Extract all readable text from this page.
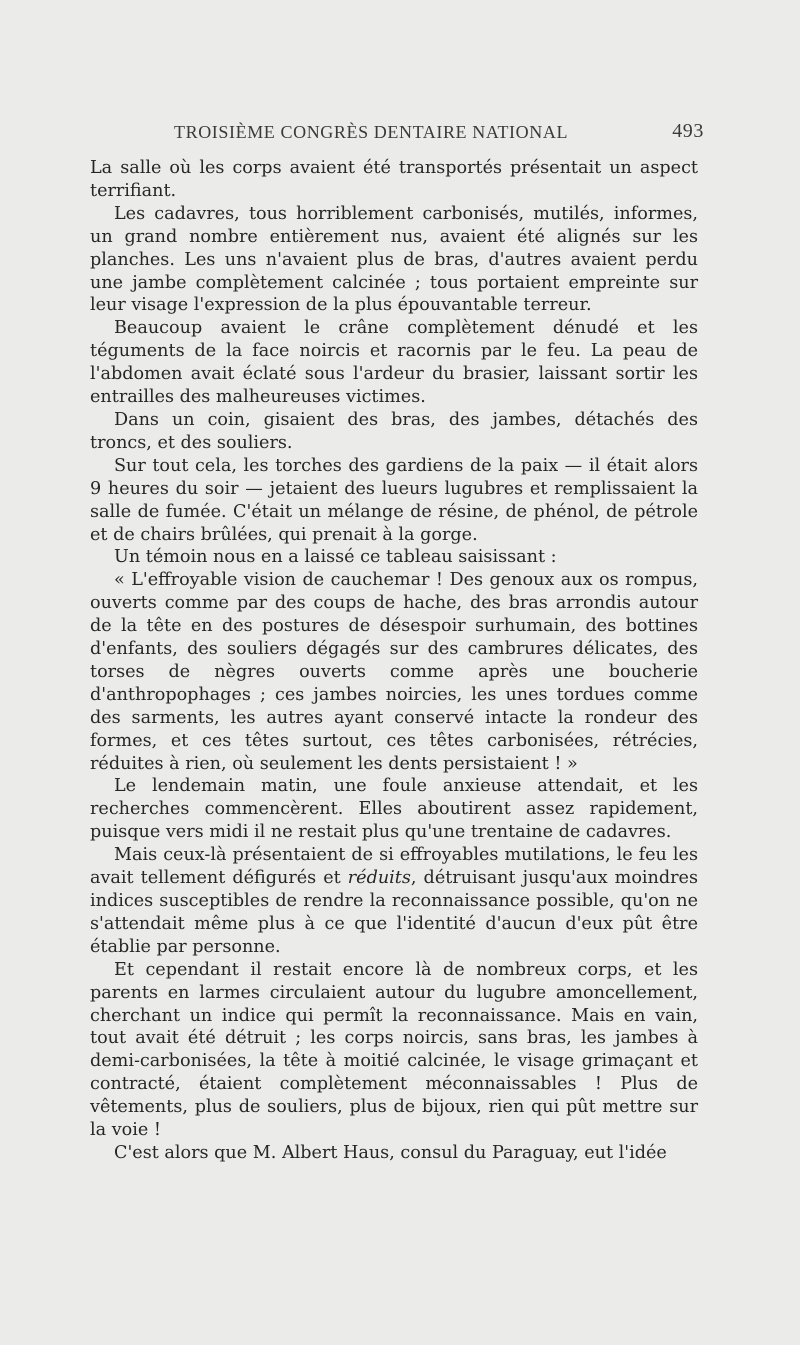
TROISIÈME CONGRÈS DENTAIRE NATIONAL	493

La salle où les corps avaient été transportés présentait un aspect terrifiant.

Les cadavres, tous horriblement carbonisés, mutilés, informes, un grand nombre entièrement nus, avaient été alignés sur les planches. Les uns n'avaient plus de bras, d'autres avaient perdu une jambe complètement calcinée ; tous portaient empreinte sur leur visage l'expression de la plus épouvantable terreur.

Beaucoup avaient le crâne complètement dénudé et les téguments de la face noircis et racornis par le feu. La peau de l'abdomen avait éclaté sous l'ardeur du brasier, laissant sortir les entrailles des malheureuses victimes.

Dans un coin, gisaient des bras, des jambes, détachés des troncs, et des souliers.

Sur tout cela, les torches des gardiens de la paix — il était alors 9 heures du soir — jetaient des lueurs lugubres et remplissaient la salle de fumée. C'était un mélange de résine, de phénol, de pétrole et de chairs brûlées, qui prenait à la gorge.

Un témoin nous en a laissé ce tableau saisissant :

« L'effroyable vision de cauchemar ! Des genoux aux os rompus, ouverts comme par des coups de hache, des bras arrondis autour de la tête en des postures de désespoir surhumain, des bottines d'enfants, des souliers dégagés sur des cambrures délicates, des torses de nègres ouverts comme après une boucherie d'anthropophages ; ces jambes noircies, les unes tordues comme des sarments, les autres ayant conservé intacte la rondeur des formes, et ces têtes surtout, ces têtes carbonisées, rétrécies, réduites à rien, où seulement les dents persistaient ! »

Le lendemain matin, une foule anxieuse attendait, et les recherches commencèrent. Elles aboutirent assez rapidement, puisque vers midi il ne restait plus qu'une trentaine de cadavres.

Mais ceux-là présentaient de si effroyables mutilations, le feu les avait tellement défigurés et réduits, détruisant jusqu'aux moindres indices susceptibles de rendre la reconnaissance possible, qu'on ne s'attendait même plus à ce que l'identité d'aucun d'eux pût être établie par personne.

Et cependant il restait encore là de nombreux corps, et les parents en larmes circulaient autour du lugubre amoncellement, cherchant un indice qui permît la reconnaissance. Mais en vain, tout avait été détruit ; les corps noircis, sans bras, les jambes à demi-carbonisées, la tête à moitié calcinée, le visage grimaçant et contracté, étaient complètement méconnaissables ! Plus de vêtements, plus de souliers, plus de bijoux, rien qui pût mettre sur la voie !

C'est alors que M. Albert Haus, consul du Paraguay, eut l'idée
